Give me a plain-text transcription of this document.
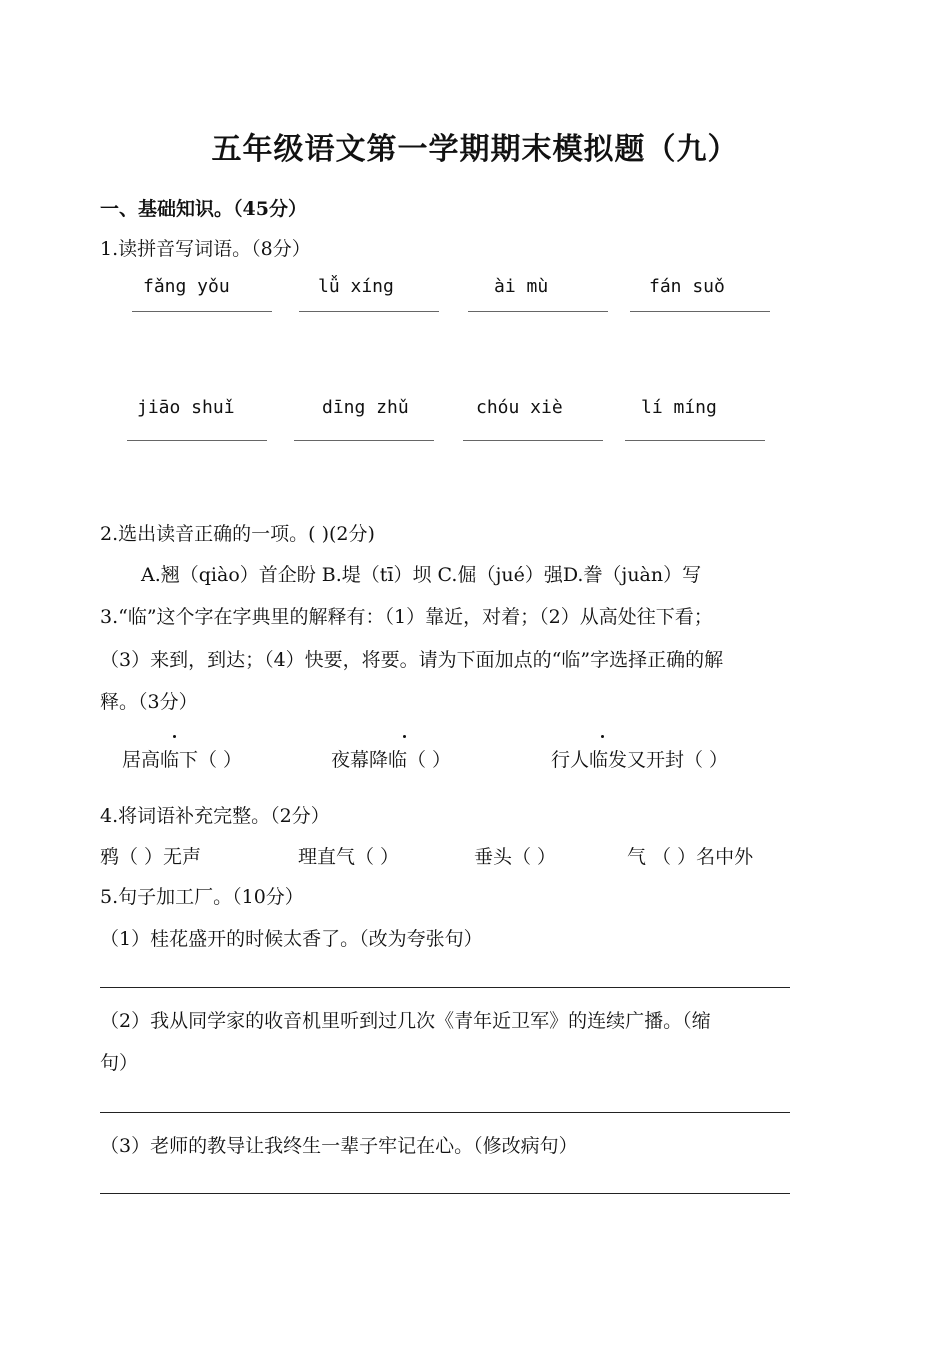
五年级语文第一学期期末模拟题（九）
一、基础知识。（45分）
1.读拼音写词语。（8分）
fǎng yǒu	lǚ xíng	ài mù	fán suǒ
jiāo shuǐ	dīng zhǔ	chóu xiè	lí míng
2.选出读音正确的一项。( )(2分)
A.翘（qiào）首企盼 B.堤（tī）坝 C.倔（jué）强D.誊（juàn）写
3.“临”这个字在字典里的解释有：（1）靠近，对着；（2）从高处往下看；
（3）来到，到达；（4）快要，将要。请为下面加点的“临”字选择正确的解
释。（3分）
居高临下（ ）	夜幕降临（ ）	行人临发又开封（ ）
4.将词语补充完整。（2分）
鸦（ ）无声	理直气（ ）	垂头（ ）	气 （ ）名中外
5.句子加工厂。（10分）
（1）桂花盛开的时候太香了。（改为夸张句）
（2）我从同学家的收音机里听到过几次《青年近卫军》的连续广播。（缩
句）
（3）老师的教导让我终生一辈子牢记在心。（修改病句）
